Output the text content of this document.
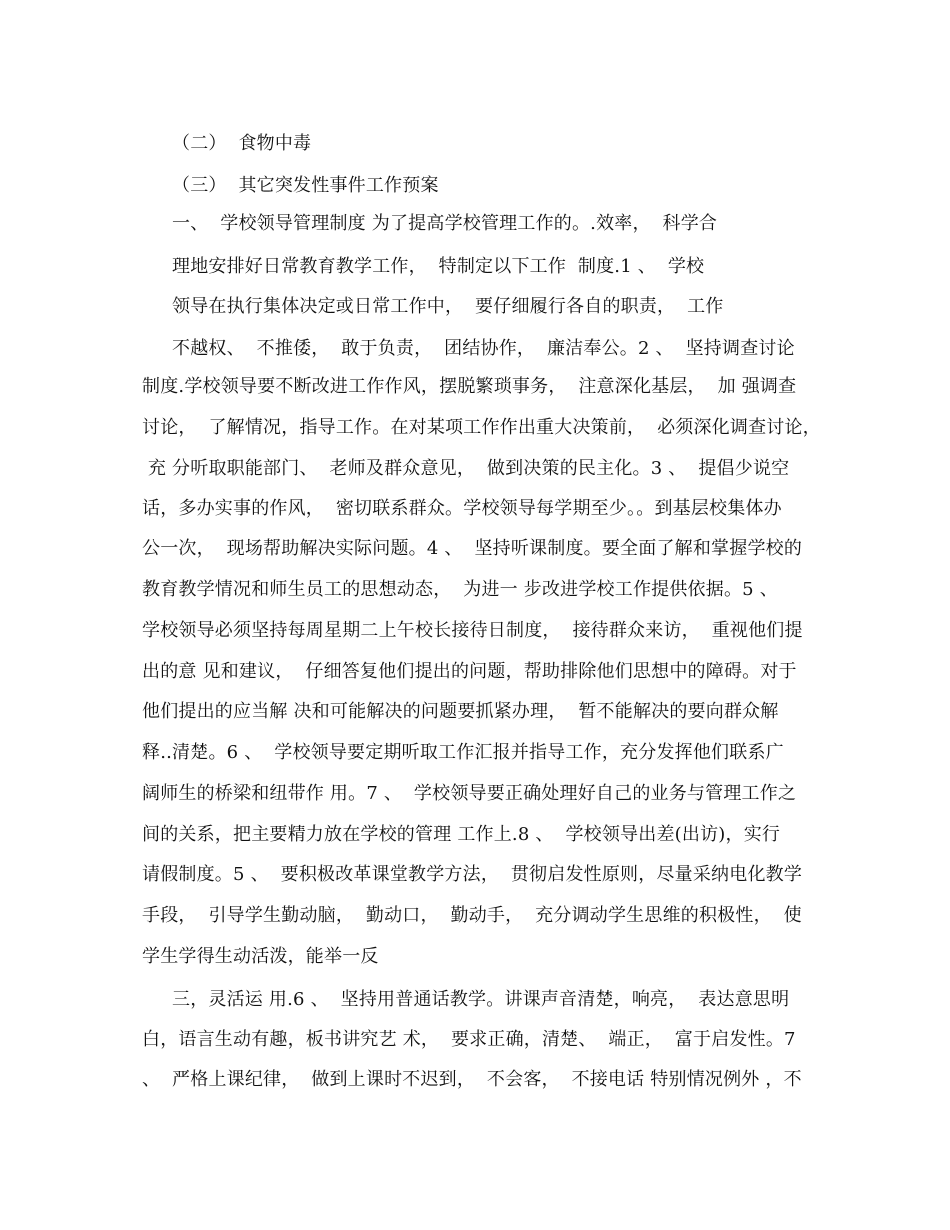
（二）  食物中毒
（三）  其它突发性事件工作预案
一、  学校领导管理制度 为了提高学校管理工作的。.效率，  科学合
理地安排好日常教育教学工作，  特制定以下工作  制度.1 、  学校
领导在执行集体决定或日常工作中，  要仔细履行各自的职责，  工作
不越权、  不推倭，  敢于负责，  团结协作，  廉洁奉公。2 、  坚持调查讨论
制度.学校领导要不断改进工作作风，摆脱繁琐事务，  注意深化基层，  加 强调查
讨论，  了解情况，指导工作。在对某项工作作出重大决策前，  必须深化调查讨论，
充 分听取职能部门、  老师及群众意见，  做到决策的民主化。3 、  提倡少说空
话，多办实事的作风，  密切联系群众。学校领导每学期至少。。到基层校集体办
公一次，  现场帮助解决实际问题。4 、  坚持听课制度。要全面了解和掌握学校的
教育教学情况和师生员工的思想动态，  为进一 步改进学校工作提供依据。5 、
学校领导必须坚持每周星期二上午校长接待日制度，  接待群众来访，  重视他们提
出的意 见和建议，  仔细答复他们提出的问题，帮助排除他们思想中的障碍。对于
他们提出的应当解 决和可能解决的问题要抓紧办理，  暂不能解决的要向群众解
释..清楚。6 、  学校领导要定期听取工作汇报并指导工作，充分发挥他们联系广
阔师生的桥梁和纽带作 用。7 、  学校领导要正确处理好自己的业务与管理工作之
间的关系，把主要精力放在学校的管理 工作上.8 、  学校领导出差(出访)，实行
请假制度。5 、  要积极改革课堂教学方法，  贯彻启发性原则，尽量采纳电化教学
手段，  引导学生勤动脑，  勤动口，  勤动手，  充分调动学生思维的积极性，  使
学生学得生动活泼，能举一反
三，灵活运 用.6 、  坚持用普通话教学。讲课声音清楚，响亮，  表达意思明
白，语言生动有趣，板书讲究艺 术，  要求正确，清楚、  端正，  富于启发性。7
、  严格上课纪律，  做到上课时不迟到，  不会客，  不接电话 特别情况例外 ，不
